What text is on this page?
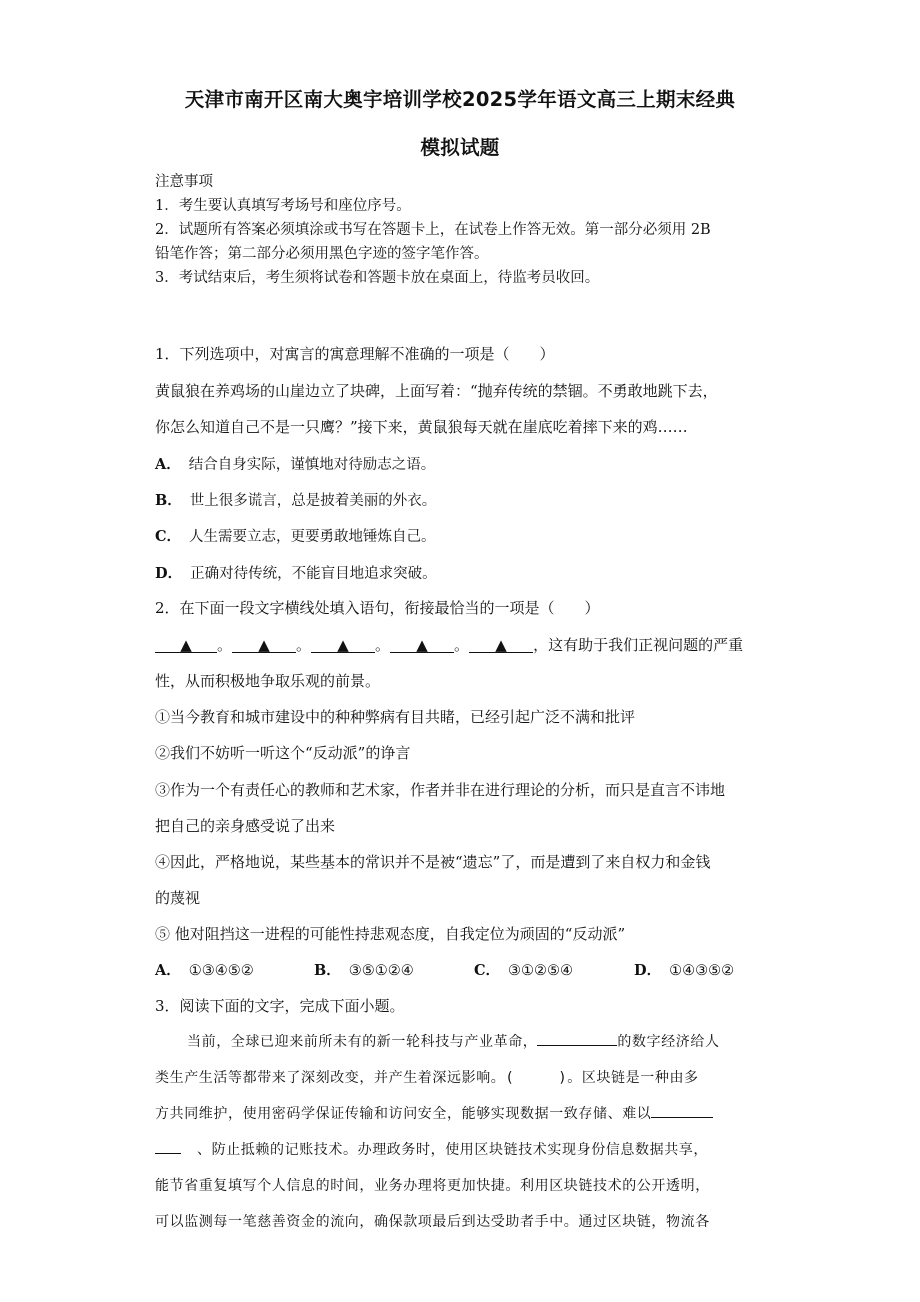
天津市南开区南大奥宇培训学校2025学年语文高三上期末经典
模拟试题
注意事项
1．考生要认真填写考场号和座位序号。
2．试题所有答案必须填涂或书写在答题卡上，在试卷上作答无效。第一部分必须用 2B
铅笔作答；第二部分必须用黑色字迹的签字笔作答。
3．考试结束后，考生须将试卷和答题卡放在桌面上，待监考员收回。
1．下列选项中，对寓言的寓意理解不准确的一项是（　　）
黄鼠狼在养鸡场的山崖边立了块碑，上面写着：“抛弃传统的禁锢。不勇敢地跳下去，
你怎么知道自己不是一只鹰？”接下来，黄鼠狼每天就在崖底吃着摔下来的鸡……
A． 结合自身实际，谨慎地对待励志之语。
B． 世上很多谎言，总是披着美丽的外衣。
C． 人生需要立志，更要勇敢地锤炼自己。
D． 正确对待传统，不能盲目地追求突破。
2．在下面一段文字横线处填入语句，衔接最恰当的一项是（　　）
▲ 。 ▲ 。 ▲ 。 ▲ 。 ▲ ，这有助于我们正视问题的严重
性，从而积极地争取乐观的前景。
①当今教育和城市建设中的种种弊病有目共睹，已经引起广泛不满和批评
②我们不妨听一听这个“反动派”的诤言
③作为一个有责任心的教师和艺术家，作者并非在进行理论的分析，而只是直言不讳地
把自己的亲身感受说了出来
④因此，严格地说，某些基本的常识并不是被“遗忘”了，而是遭到了来自权力和金钱
的蔑视
⑤ 他对阻挡这一进程的可能性持悲观态度，自我定位为顽固的“反动派”
A． ①③④⑤②	B． ③⑤①②④	C． ③①②⑤④	D． ①④③⑤②
3．阅读下面的文字，完成下面小题。
当前，全球已迎来前所未有的新一轮科技与产业革命，	的数字经济给人
类生产生活等都带来了深刻改变，并产生着深远影响。(　　　)。区块链是一种由多
方共同维护，使用密码学保证传输和访问安全，能够实现数据一致存储、难以
、防止抵赖的记账技术。办理政务时，使用区块链技术实现身份信息数据共享，
能节省重复填写个人信息的时间，业务办理将更加快捷。利用区块链技术的公开透明，
可以监测每一笔慈善资金的流向，确保款项最后到达受助者手中。通过区块链，物流各
